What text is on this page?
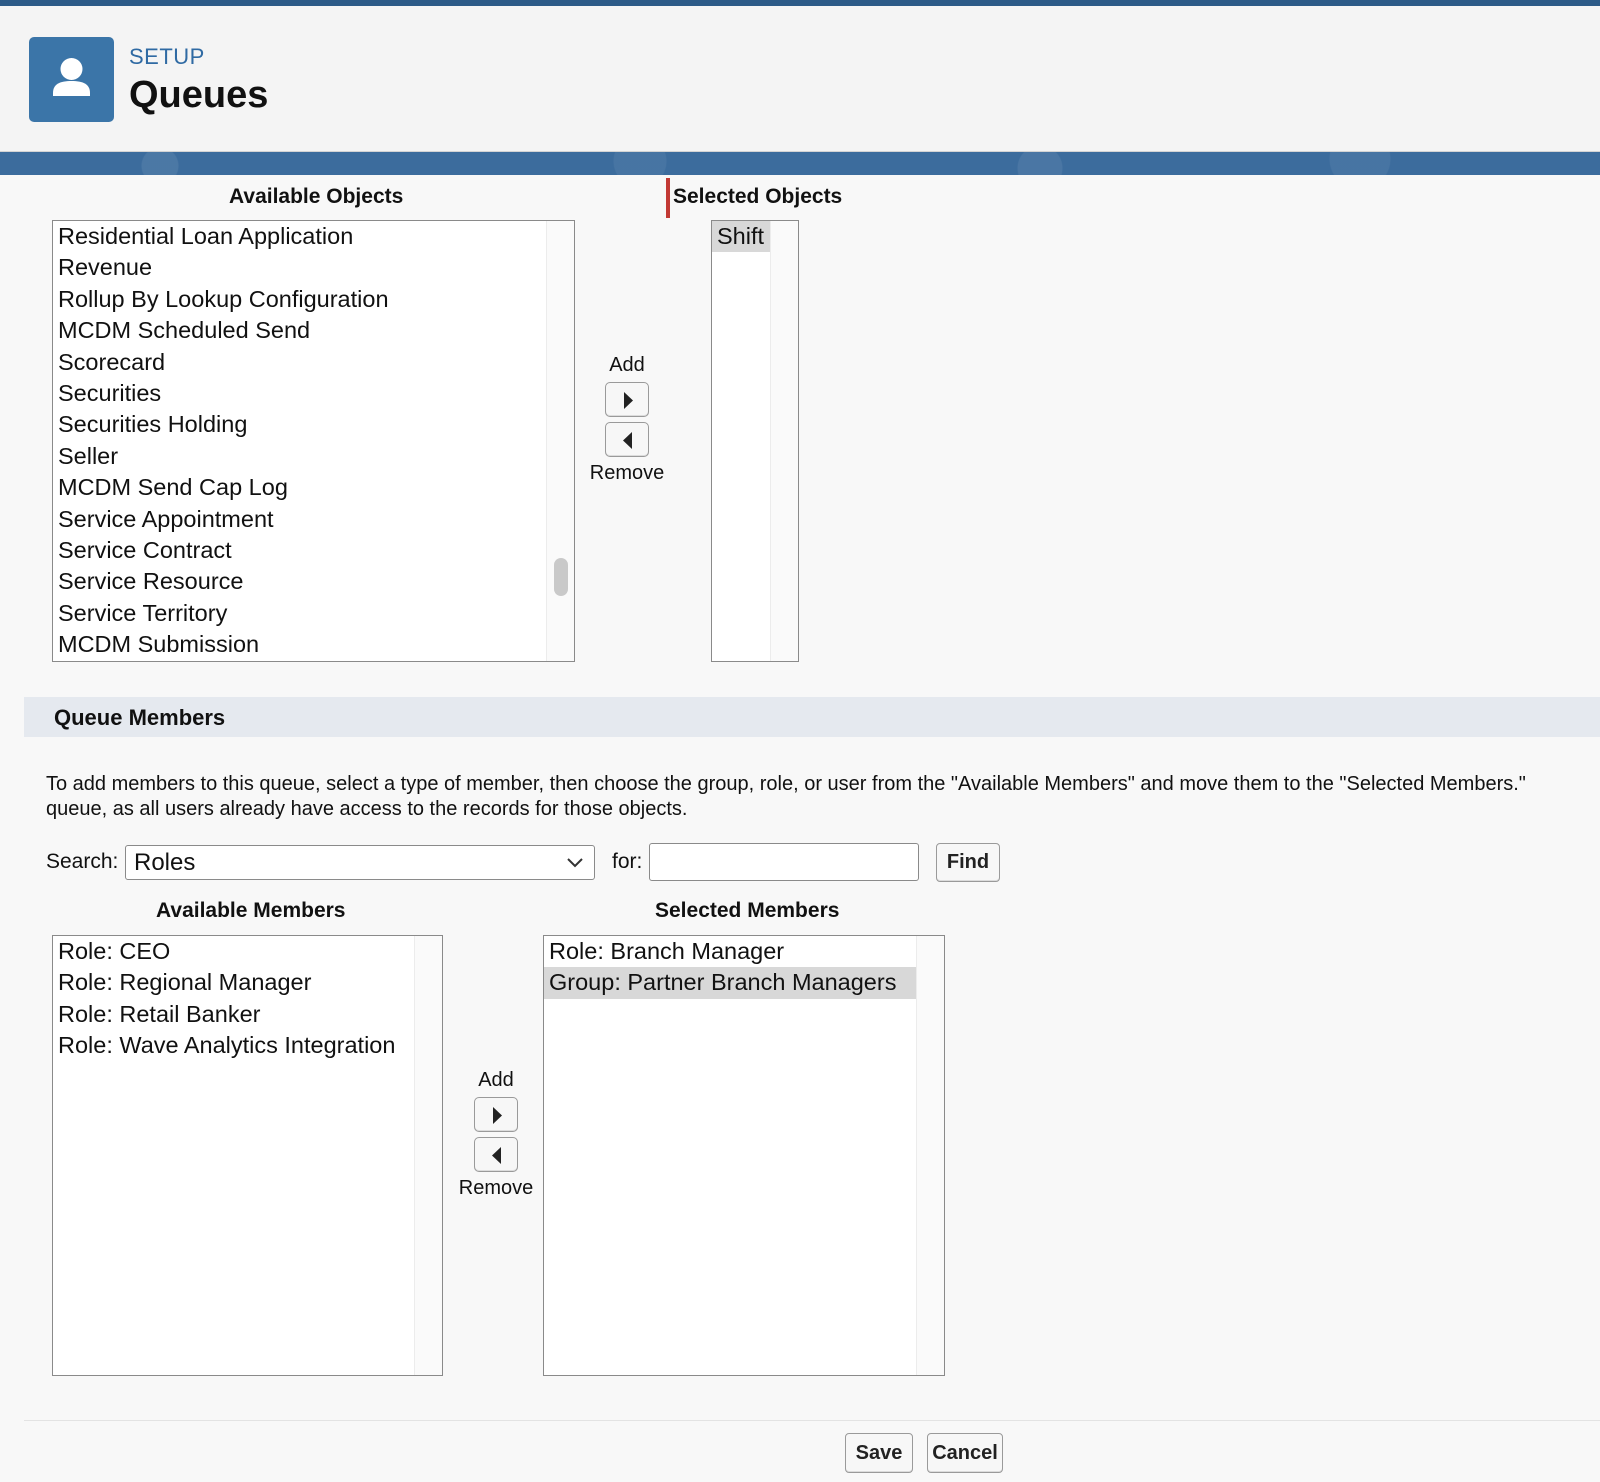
SETUP
Queues
Available Objects	Selected Objects
Residential Loan Application
Revenue
Rollup By Lookup Configuration
MCDM Scheduled Send
Scorecard
Securities
Securities Holding
Seller
MCDM Send Cap Log
Service Appointment
Service Contract
Service Resource
Service Territory
MCDM Submission
Add
Remove
Shift
Queue Members
To add members to this queue, select a type of member, then choose the group, role, or user from the "Available Members" and move them to the "Selected Members."
queue, as all users already have access to the records for those objects.
Search: Roles	for:	Find
Available Members	Selected Members
Role: CEO
Role: Regional Manager
Role: Retail Banker
Role: Wave Analytics Integration
Add
Remove
Role: Branch Manager
Group: Partner Branch Managers
Save	Cancel
